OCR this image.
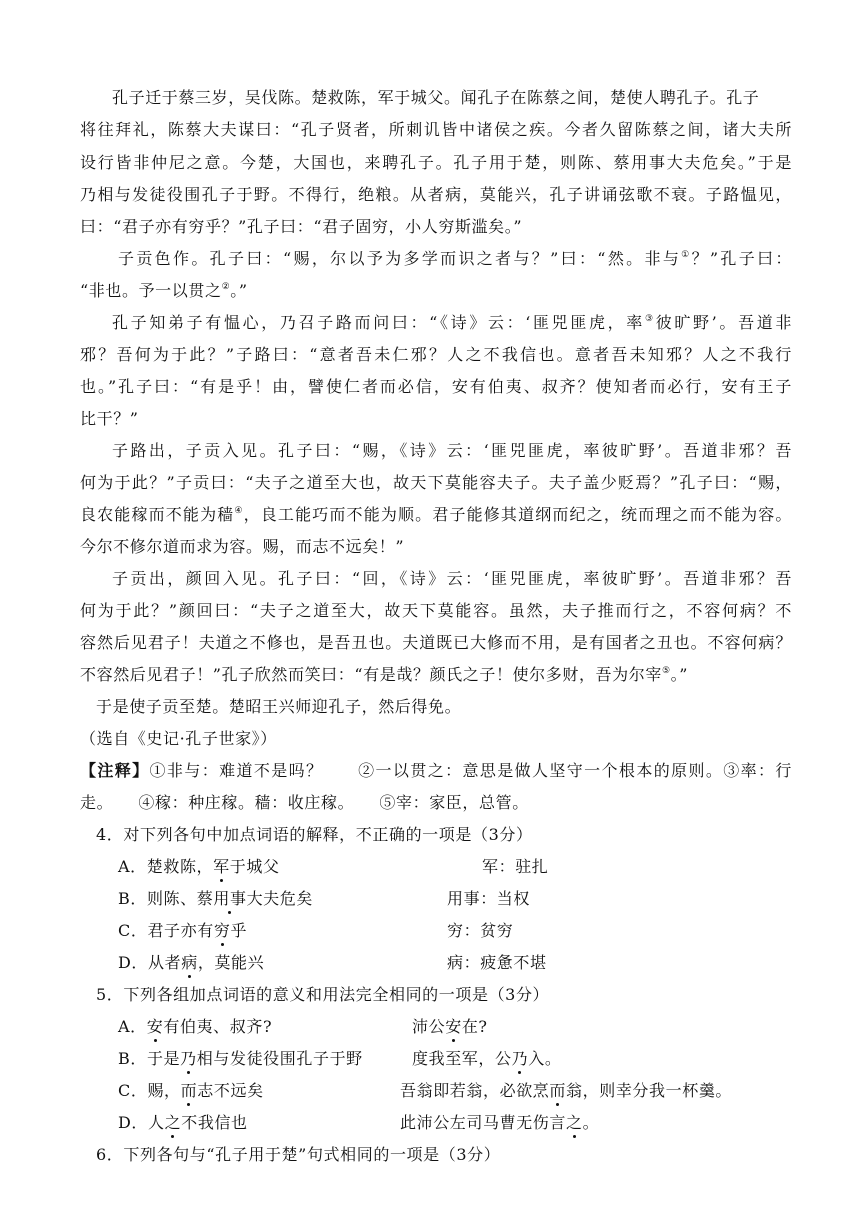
孔子迁于蔡三岁，吴伐陈。楚救陈，军于城父。闻孔子在陈蔡之间，楚使人聘孔子。孔子
将往拜礼，陈蔡大夫谋曰：“孔子贤者，所刺讥皆中诸侯之疾。今者久留陈蔡之间，诸大夫所
设行皆非仲尼之意。今楚，大国也，来聘孔子。孔子用于楚，则陈、蔡用事大夫危矣。”于是
乃相与发徒役围孔子于野。不得行，绝粮。从者病，莫能兴，孔子讲诵弦歌不衰。子路愠见，
曰：“君子亦有穷乎？”孔子曰：“君子固穷，小人穷斯滥矣。”
子贡色作。孔子曰：“赐，尔以予为多学而识之者与？”曰：“然。非与①？”孔子曰：
“非也。予一以贯之②。”
孔子知弟子有愠心，乃召子路而问曰：“《诗》云：‘匪兕匪虎，率③彼旷野’。吾道非
邪？吾何为于此？”子路曰：“意者吾未仁邪？人之不我信也。意者吾未知邪？人之不我行
也。”孔子曰：“有是乎！由，譬使仁者而必信，安有伯夷、叔齐？使知者而必行，安有王子
比干？”
子路出，子贡入见。孔子曰：“赐，《诗》云：‘匪兕匪虎，率彼旷野’。吾道非邪？吾
何为于此？”子贡曰：“夫子之道至大也，故天下莫能容夫子。夫子盖少贬焉？”孔子曰：“赐，
良农能稼而不能为穑④，良工能巧而不能为顺。君子能修其道纲而纪之，统而理之而不能为容。
今尔不修尔道而求为容。赐，而志不远矣！”
子贡出，颜回入见。孔子曰：“回，《诗》云：‘匪兕匪虎，率彼旷野’。吾道非邪？吾
何为于此？”颜回曰：“夫子之道至大，故天下莫能容。虽然，夫子推而行之，不容何病？不
容然后见君子！夫道之不修也，是吾丑也。夫道既已大修而不用，是有国者之丑也。不容何病？
不容然后见君子！”孔子欣然而笑曰：“有是哉？颜氏之子！使尔多财，吾为尔宰⑤。”
于是使子贡至楚。楚昭王兴师迎孔子，然后得免。
（选自《史记·孔子世家》）
【注释】①非与：难道不是吗？　　②一以贯之：意思是做人坚守一个根本的原则。③率：行
走。　　④稼：种庄稼。穑：收庄稼。　　⑤宰：家臣，总管。
4．对下列各句中加点词语的解释，不正确的一项是（3分）
A．楚救陈，军于城父	军：驻扎
B．则陈、蔡用事大夫危矣	用事：当权
C．君子亦有穷乎	穷：贫穷
D．从者病，莫能兴	病：疲惫不堪
5．下列各组加点词语的意义和用法完全相同的一项是（3分）
A．安有伯夷、叔齐?	沛公安在?
B．于是乃相与发徒役围孔子于野	度我至军，公乃入。
C．赐，而志不远矣	吾翁即若翁，必欲烹而翁，则幸分我一杯羹。
D．人之不我信也	此沛公左司马曹无伤言之。
6．下列各句与“孔子用于楚”句式相同的一项是（3分）
